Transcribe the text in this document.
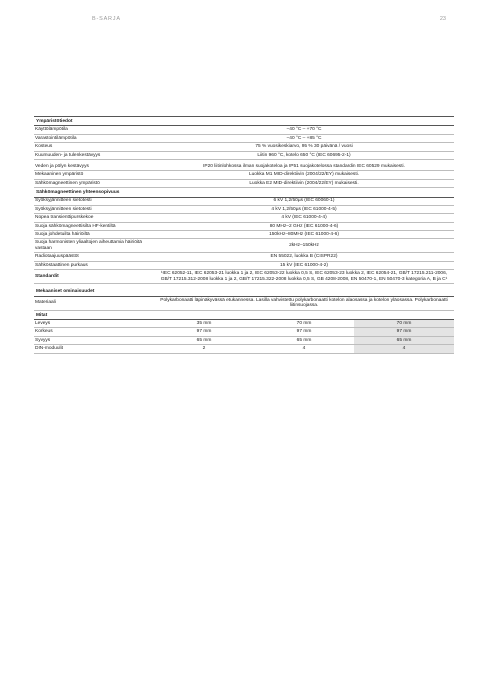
B-SARJA	23
Ympäristötiedot			
Käyttölämpötila	−40 °C – +70 °C		
Varastointilämpötila	−40 °C – +85 °C		
Kosteus	75 % vuosikeskiarvo, 95 % 30 päivänä / vuosi		
Kuumuuden- ja tulenkestävyys	Liitin 960 °C, kotelo 650 °C (IEC 60695-2-1)		

Veden ja pölyn kestävyys	IP20 liitinlohkossa ilman suojakoteloa ja IP51 suojakotelossa standardin IEC 60529 mukaisesti.		
Mekaaninen ympäristö	Luokka M1 MID-direktiivin (2004/22/EY) mukaisesti.		
Sähkömagneettinen ympäristö	Luokka E2 MID-direktiivin (2004/22/EY) mukaisesti.		
Sähkömagneettinen yhteensopivuus			
Syöksyjännitteen sietotesti	6 kV 1,2/50µs (IEC 60060-1)		
Syöksyjännitteen sietotesti	4 kV 1,2/50µs (IEC 61000-4-5)		
Nopea transienttipurskekoe	4 kV (IEC 61000-4-4)		
Suoja sähkömagneettisilta HF-kentiltä	80 MHz–2 GHz (IEC 61000-4-6)		
Suoja johdetuilta häiriöiltä	150kHz–80MHz (IEC 61000-4-6)		
Suoja harmonisten yliaaltojen aiheuttamia häiriöitä vastaan	2kHz–150kHz		
Radiotaajuuspäästöt	EN 55022, luokka B (CISPR22)		
Sähköstaattinen purkaus	15 kV (IEC 61000-4-2)		
Standardit	¹IEC 62052-11, IEC 62053-21 luokka 1 ja 2, IEC 62053-22 luokka 0,5 S, IEC 62053-23 luokka 2, IEC 62054-21, GB/T 17215.211-2006, GB/T 17215.312-2008 luokka 1 ja 2, GB/T 17215.322-2008 luokka 0,5 S, GB 4208-2008, EN 50470-1, EN 50470-3 kategoria A, B ja C¹		

Mekaaniset ominaisuudet			
Materiaali	Polykarbonaatti läpinäkyvässä etukannessa. Lasilla vahvistettu polykarbonaatti kotelon alaosassa ja kotelon yläosassa. Polykarbonaatti liitinsuojassa.		
Mitat			
Leveys	35 mm	70 mm	70 mm
Korkeus	97 mm	97 mm	97 mm
Syvyys	65 mm	65 mm	65 mm
DIN-moduulit	2	4	4
